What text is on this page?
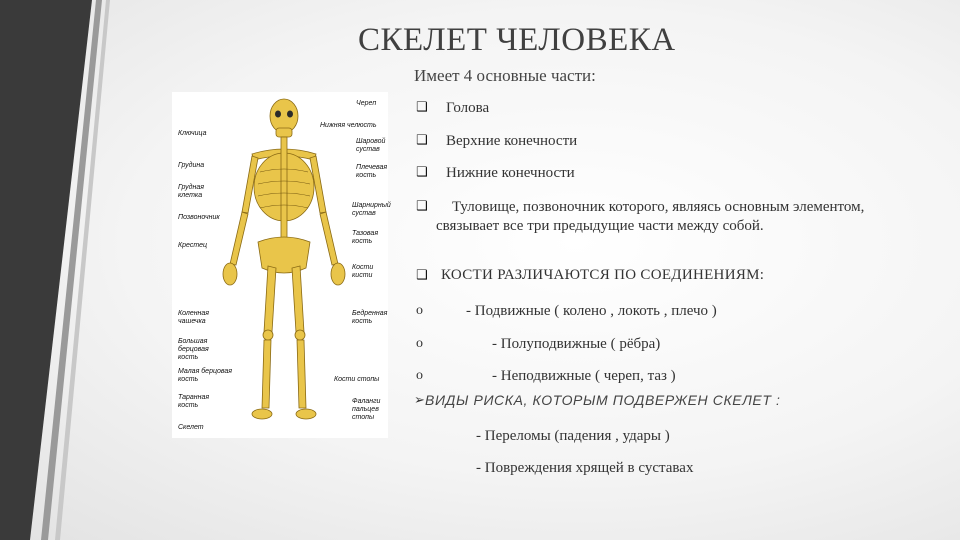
СКЕЛЕТ ЧЕЛОВЕКА
Имеет 4 основные части:
Ключица
Грудина
Грудная клетка
Позвоночник
Крестец
Коленная чашечка
Большая берцовая кость
Малая берцовая кость
Таранная кость
Скелет
Череп
Нижняя челюсть
Шаровой сустав
Плечевая кость
Шарнирный сустав
Тазовая кость
Кости кисти
Бедренная кость
Кости стопы
Фаланги пальцев стопы
❑ Голова
❑ Верхние конечности
❑ Нижние конечности
❑	Туловище, позвоночник которого, являясь основным элементом, связывает все три предыдущие части между собой.
❑ КОСТИ РАЗЛИЧАЮТСЯ ПО СОЕДИНЕНИЯМ:
o	- Подвижные ( колено , локоть , плечо )
o	- Полуподвижные ( рёбра)
o	- Неподвижные ( череп, таз )
➢ ВИДЫ РИСКА, КОТОРЫМ ПОДВЕРЖЕН СКЕЛЕТ :
- Переломы (падения , удары )
- Повреждения хрящей в суставах
